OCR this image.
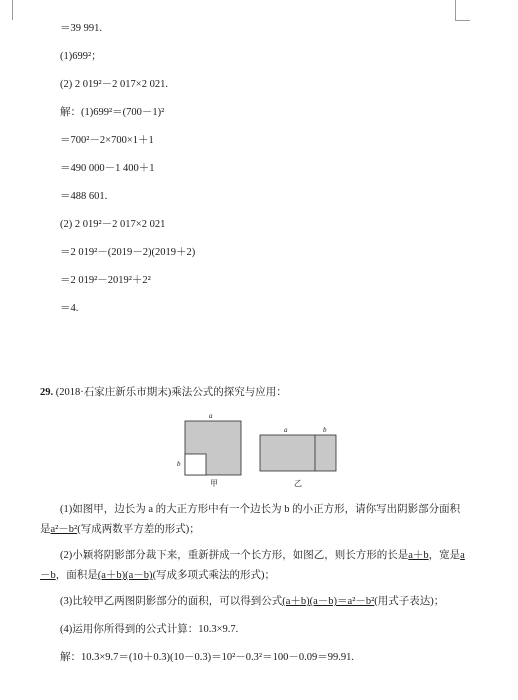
＝39 991.
(1)699²；
(2) 2 019²－2 017×2 021.
解：(1)699²＝(700－1)²
＝700²－2×700×1＋1
＝490 000－1 400＋1
＝488 601.
(2) 2 019²－2 017×2 021
＝2 019²－(2019－2)(2019＋2)
＝2 019²－2019²＋2²
＝4.
29. (2018·石家庄新乐市期末)乘法公式的探究与应用：
a
b
甲
a	b
乙
(1)如图甲，边长为 a 的大正方形中有一个边长为 b 的小正方形，请你写出阴影部分面积是a²－b²(写成两数平方差的形式)；
(2)小颖将阴影部分裁下来，重新拼成一个长方形，如图乙，则长方形的长是a＋b，宽是a－b，面积是(a＋b)(a－b)(写成多项式乘法的形式)；
(3)比较甲乙两图阴影部分的面积，可以得到公式(a＋b)(a－b)＝a²－b²(用式子表达)；
(4)运用你所得到的公式计算：10.3×9.7.
解：10.3×9.7＝(10＋0.3)(10－0.3)＝10²－0.3²＝100－0.09＝99.91.
